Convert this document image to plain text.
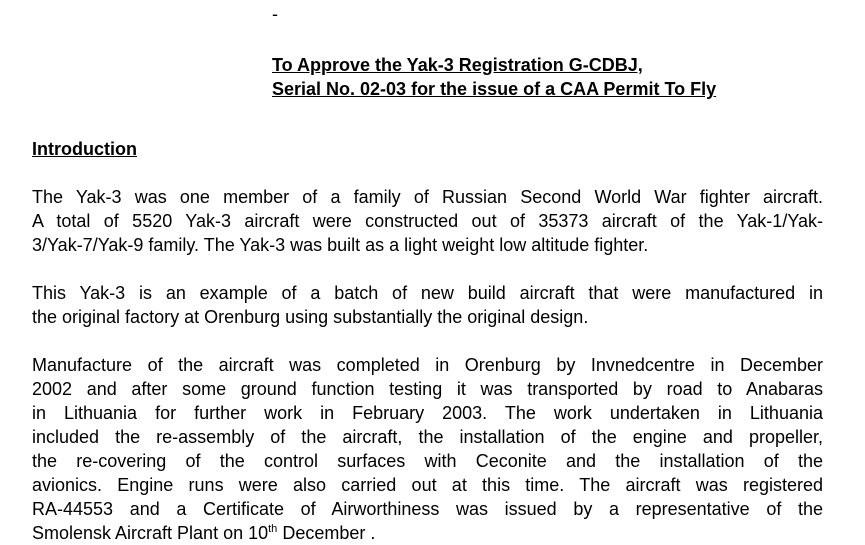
-
To Approve the Yak-3 Registration G-CDBJ,
Serial No. 02-03 for the issue of a CAA Permit To Fly
Introduction
The Yak-3 was one member of a family of Russian Second World War fighter aircraft.
A total of 5520 Yak-3 aircraft were constructed out of 35373 aircraft of the Yak-1/Yak-
3/Yak-7/Yak-9 family. The Yak-3 was built as a light weight low altitude fighter.
This Yak-3 is an example of a batch of new build aircraft that were manufactured in
the original factory at Orenburg using substantially the original design.
Manufacture of the aircraft was completed in Orenburg by Invnedcentre in December
2002 and after some ground function testing it was transported by road to Anabaras
in Lithuania for further work in February 2003. The work undertaken in Lithuania
included the re-assembly of the aircraft, the installation of the engine and propeller,
the re-covering of the control surfaces with Ceconite and the installation of the
avionics. Engine runs were also carried out at this time. The aircraft was registered
RA-44553 and a Certificate of Airworthiness was issued by a representative of the
Smolensk Aircraft Plant on 10th December .
